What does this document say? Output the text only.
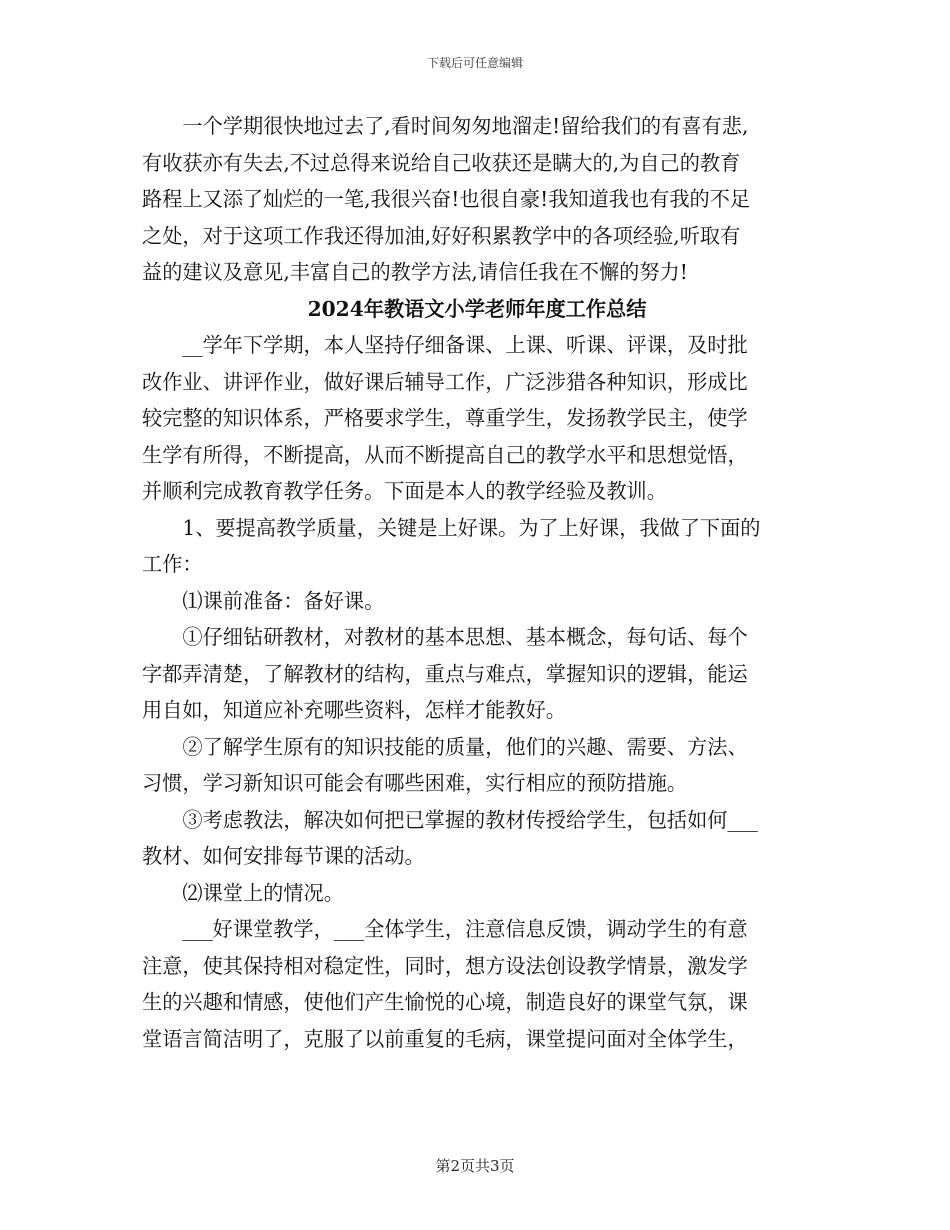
下载后可任意编辑

一个学期很快地过去了,看时间匆匆地溜走!留给我们的有喜有悲,
有收获亦有失去,不过总得来说给自己收获还是瞒大的,为自己的教育
路程上又添了灿烂的一笔,我很兴奋!也很自豪!我知道我也有我的不足
之处，对于这项工作我还得加油,好好积累教学中的各项经验,听取有
益的建议及意见,丰富自己的教学方法,请信任我在不懈的努力!

2024年教语文小学老师年度工作总结

__学年下学期，本人坚持仔细备课、上课、听课、评课，及时批
改作业、讲评作业，做好课后辅导工作，广泛涉猎各种知识，形成比
较完整的知识体系，严格要求学生，尊重学生，发扬教学民主，使学
生学有所得，不断提高，从而不断提高自己的教学水平和思想觉悟，
并顺利完成教育教学任务。下面是本人的教学经验及教训。

1、要提高教学质量，关键是上好课。为了上好课，我做了下面的
工作：

⑴课前准备：备好课。

①仔细钻研教材，对教材的基本思想、基本概念，每句话、每个
字都弄清楚，了解教材的结构，重点与难点，掌握知识的逻辑，能运
用自如，知道应补充哪些资料，怎样才能教好。

②了解学生原有的知识技能的质量，他们的兴趣、需要、方法、
习惯，学习新知识可能会有哪些困难，实行相应的预防措施。

③考虑教法，解决如何把已掌握的教材传授给学生，包括如何___
教材、如何安排每节课的活动。

⑵课堂上的情况。

___好课堂教学，___全体学生，注意信息反馈，调动学生的有意
注意，使其保持相对稳定性，同时，想方设法创设教学情景，激发学
生的兴趣和情感，使他们产生愉悦的心境，制造良好的课堂气氛，课
堂语言简洁明了，克服了以前重复的毛病，课堂提问面对全体学生，

第2页共3页
